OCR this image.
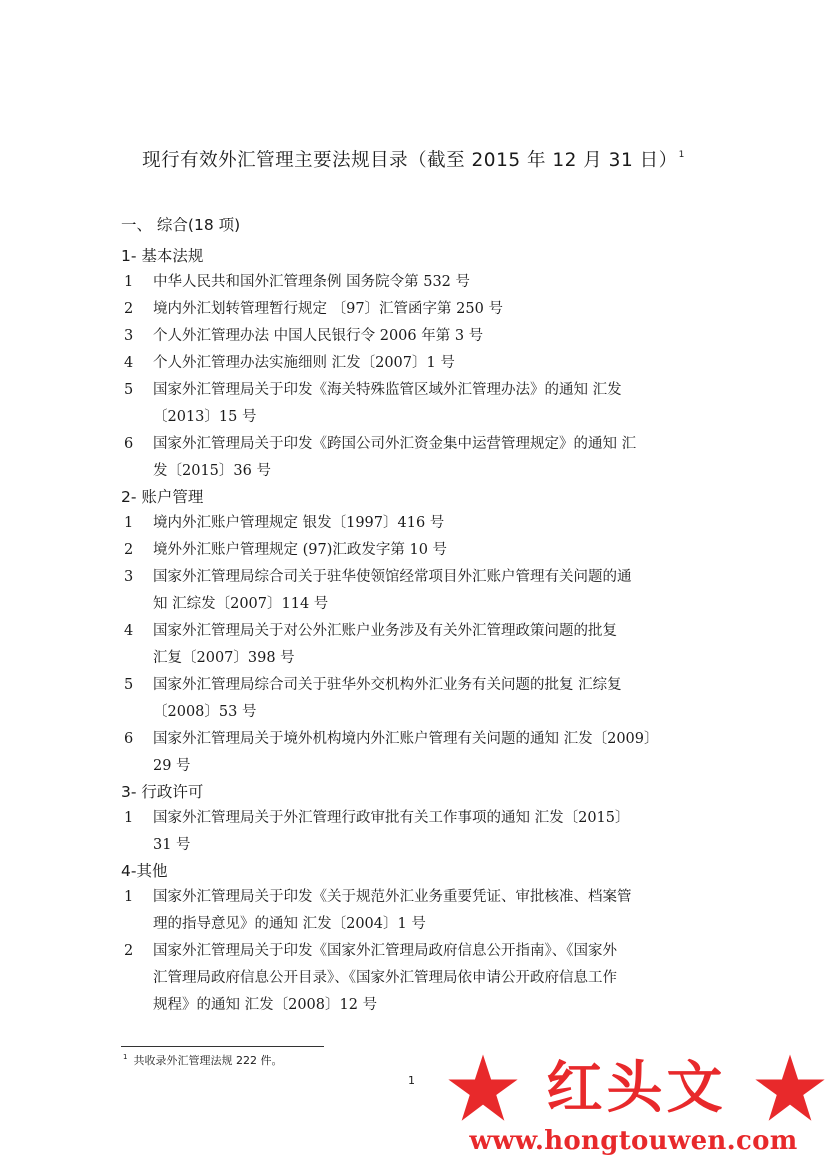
现行有效外汇管理主要法规目录（截至 2015 年 12 月 31 日）$^1$
一、 综合(18 项)
1- 基本法规
1	中华人民共和国外汇管理条例 国务院令第 532 号
2	境内外汇划转管理暂行规定 〔97〕汇管函字第 250 号
3	个人外汇管理办法 中国人民银行令 2006 年第 3 号
4	个人外汇管理办法实施细则 汇发〔2007〕1 号
5	国家外汇管理局关于印发《海关特殊监管区域外汇管理办法》的通知 汇发
〔2013〕15 号
6	国家外汇管理局关于印发《跨国公司外汇资金集中运营管理规定》的通知 汇
发〔2015〕36 号
2- 账户管理
1	境内外汇账户管理规定 银发〔1997〕416 号
2	境外外汇账户管理规定 (97)汇政发字第 10 号
3	国家外汇管理局综合司关于驻华使领馆经常项目外汇账户管理有关问题的通
知 汇综发〔2007〕114 号
4	国家外汇管理局关于对公外汇账户业务涉及有关外汇管理政策问题的批复
汇复〔2007〕398 号
5	国家外汇管理局综合司关于驻华外交机构外汇业务有关问题的批复 汇综复
〔2008〕53 号
6	国家外汇管理局关于境外机构境内外汇账户管理有关问题的通知 汇发〔2009〕
29 号
3- 行政许可
1	国家外汇管理局关于外汇管理行政审批有关工作事项的通知 汇发〔2015〕
31 号
4-其他
1	国家外汇管理局关于印发《关于规范外汇业务重要凭证、审批核准、档案管
理的指导意见》的通知 汇发〔2004〕1 号
2	国家外汇管理局关于印发《国家外汇管理局政府信息公开指南》、《国家外
汇管理局政府信息公开目录》、《国家外汇管理局依申请公开政府信息工作
规程》的通知 汇发〔2008〕12 号
$^1$ 共收录外汇管理法规 222 件。
1	红头文
www.hongtouwen.com
